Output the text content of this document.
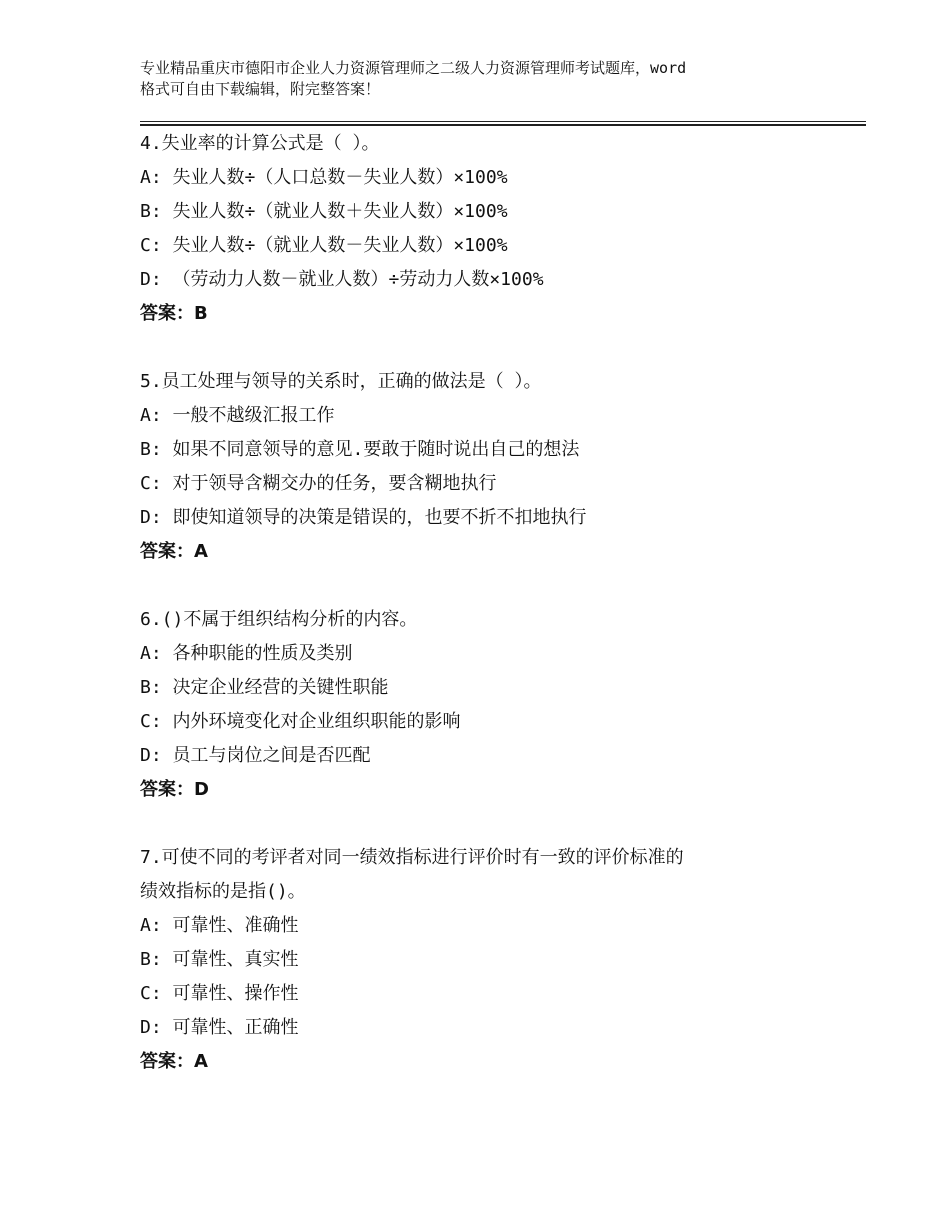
专业精品重庆市德阳市企业人力资源管理师之二级人力资源管理师考试题库，word
格式可自由下载编辑，附完整答案！
4.失业率的计算公式是（ ）。
A: 失业人数÷（人口总数－失业人数）×100%
B: 失业人数÷（就业人数＋失业人数）×100%
C: 失业人数÷（就业人数－失业人数）×100%
D: （劳动力人数－就业人数）÷劳动力人数×100%
答案：B
5.员工处理与领导的关系时，正确的做法是（ ）。
A: 一般不越级汇报工作
B: 如果不同意领导的意见.要敢于随时说出自己的想法
C: 对于领导含糊交办的任务，要含糊地执行
D: 即使知道领导的决策是错误的，也要不折不扣地执行
答案：A
6.()不属于组织结构分析的内容。
A: 各种职能的性质及类别
B: 决定企业经营的关键性职能
C: 内外环境变化对企业组织职能的影响
D: 员工与岗位之间是否匹配
答案：D
7.可使不同的考评者对同一绩效指标进行评价时有一致的评价标准的
绩效指标的是指()。
A: 可靠性、准确性
B: 可靠性、真实性
C: 可靠性、操作性
D: 可靠性、正确性
答案：A
